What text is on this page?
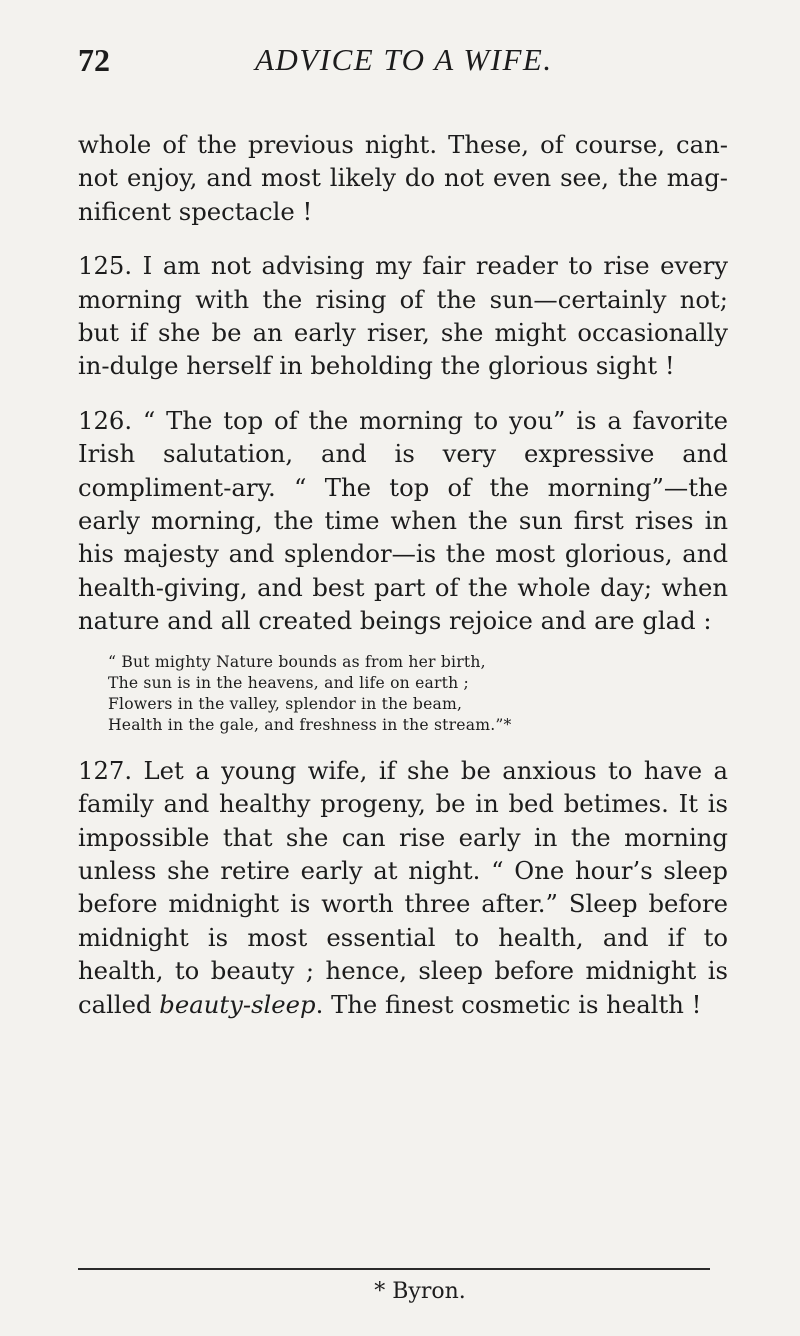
72	ADVICE TO A WIFE.

whole of the previous night. These, of course, can-not enjoy, and most likely do not even see, the mag-nificent spectacle !

125. I am not advising my fair reader to rise every morning with the rising of the sun—certainly not; but if she be an early riser, she might occasionally in-dulge herself in beholding the glorious sight !

126. “ The top of the morning to you” is a favorite Irish salutation, and is very expressive and compliment-ary. “ The top of the morning”—the early morning, the time when the sun first rises in his majesty and splendor—is the most glorious, and health-giving, and best part of the whole day; when nature and all created beings rejoice and are glad :

“ But mighty Nature bounds as from her birth,
The sun is in the heavens, and life on earth ;
Flowers in the valley, splendor in the beam,
Health in the gale, and freshness in the stream.”*

127. Let a young wife, if she be anxious to have a family and healthy progeny, be in bed betimes. It is impossible that she can rise early in the morning unless she retire early at night. “ One hour’s sleep before midnight is worth three after.” Sleep before midnight is most essential to health, and if to health, to beauty ; hence, sleep before midnight is called beauty-sleep. The finest cosmetic is health !

* Byron.
